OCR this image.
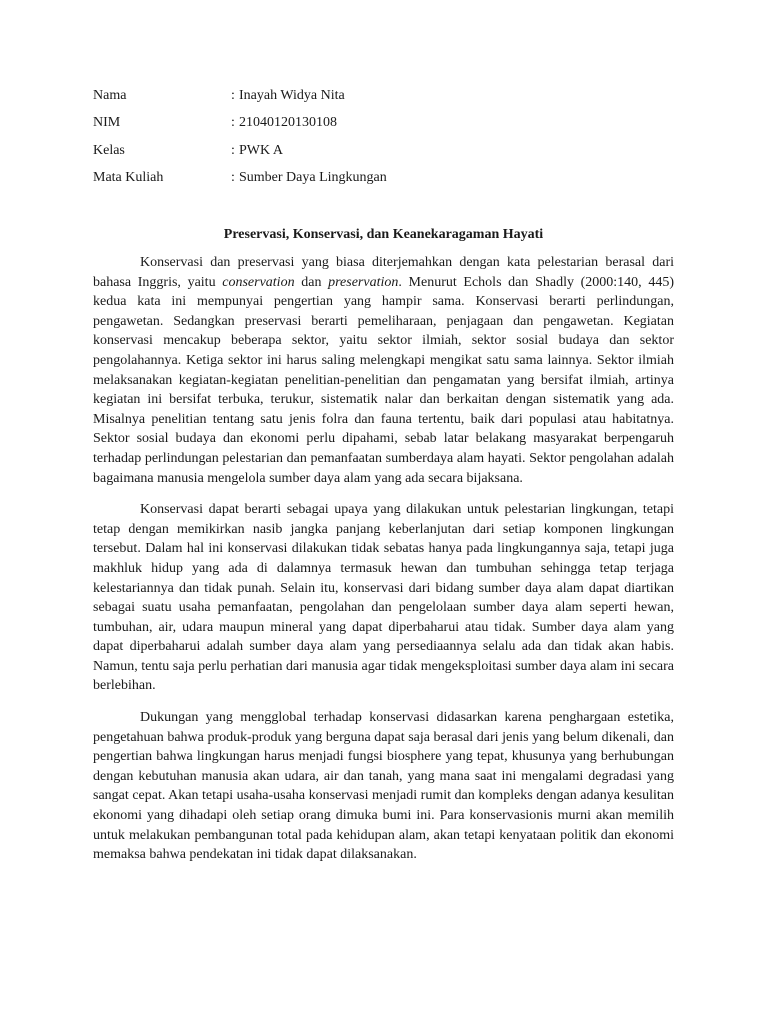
Nama	: Inayah Widya Nita
NIM	: 21040120130108
Kelas	: PWK A
Mata Kuliah	: Sumber Daya Lingkungan
Preservasi, Konservasi, dan Keanekaragaman Hayati

Konservasi dan preservasi yang biasa diterjemahkan dengan kata pelestarian berasal dari bahasa Inggris, yaitu conservation dan preservation. Menurut Echols dan Shadly (2000:140, 445) kedua kata ini mempunyai pengertian yang hampir sama. Konservasi berarti perlindungan, pengawetan. Sedangkan preservasi berarti pemeliharaan, penjagaan dan pengawetan. Kegiatan konservasi mencakup beberapa sektor, yaitu sektor ilmiah, sektor sosial budaya dan sektor pengolahannya. Ketiga sektor ini harus saling melengkapi mengikat satu sama lainnya. Sektor ilmiah melaksanakan kegiatan-kegiatan penelitian-penelitian dan pengamatan yang bersifat ilmiah, artinya kegiatan ini bersifat terbuka, terukur, sistematik nalar dan berkaitan dengan sistematik yang ada. Misalnya penelitian tentang satu jenis folra dan fauna tertentu, baik dari populasi atau habitatnya. Sektor sosial budaya dan ekonomi perlu dipahami, sebab latar belakang masyarakat berpengaruh terhadap perlindungan pelestarian dan pemanfaatan sumberdaya alam hayati. Sektor pengolahan adalah bagaimana manusia mengelola sumber daya alam yang ada secara bijaksana.

Konservasi dapat berarti sebagai upaya yang dilakukan untuk pelestarian lingkungan, tetapi tetap dengan memikirkan nasib jangka panjang keberlanjutan dari setiap komponen lingkungan tersebut. Dalam hal ini konservasi dilakukan tidak sebatas hanya pada lingkungannya saja, tetapi juga makhluk hidup yang ada di dalamnya termasuk hewan dan tumbuhan sehingga tetap terjaga kelestariannya dan tidak punah. Selain itu, konservasi dari bidang sumber daya alam dapat diartikan sebagai suatu usaha pemanfaatan, pengolahan dan pengelolaan sumber daya alam seperti hewan, tumbuhan, air, udara maupun mineral yang dapat diperbaharui atau tidak. Sumber daya alam yang dapat diperbaharui adalah sumber daya alam yang persediaannya selalu ada dan tidak akan habis. Namun, tentu saja perlu perhatian dari manusia agar tidak mengeksploitasi sumber daya alam ini secara berlebihan.

Dukungan yang mengglobal terhadap konservasi didasarkan karena penghargaan estetika, pengetahuan bahwa produk-produk yang berguna dapat saja berasal dari jenis yang belum dikenali, dan pengertian bahwa lingkungan harus menjadi fungsi biosphere yang tepat, khusunya yang berhubungan dengan kebutuhan manusia akan udara, air dan tanah, yang mana saat ini mengalami degradasi yang sangat cepat. Akan tetapi usaha-usaha konservasi menjadi rumit dan kompleks dengan adanya kesulitan ekonomi yang dihadapi oleh setiap orang dimuka bumi ini. Para konservasionis murni akan memilih untuk melakukan pembangunan total pada kehidupan alam, akan tetapi kenyataan politik dan ekonomi memaksa bahwa pendekatan ini tidak dapat dilaksanakan.
